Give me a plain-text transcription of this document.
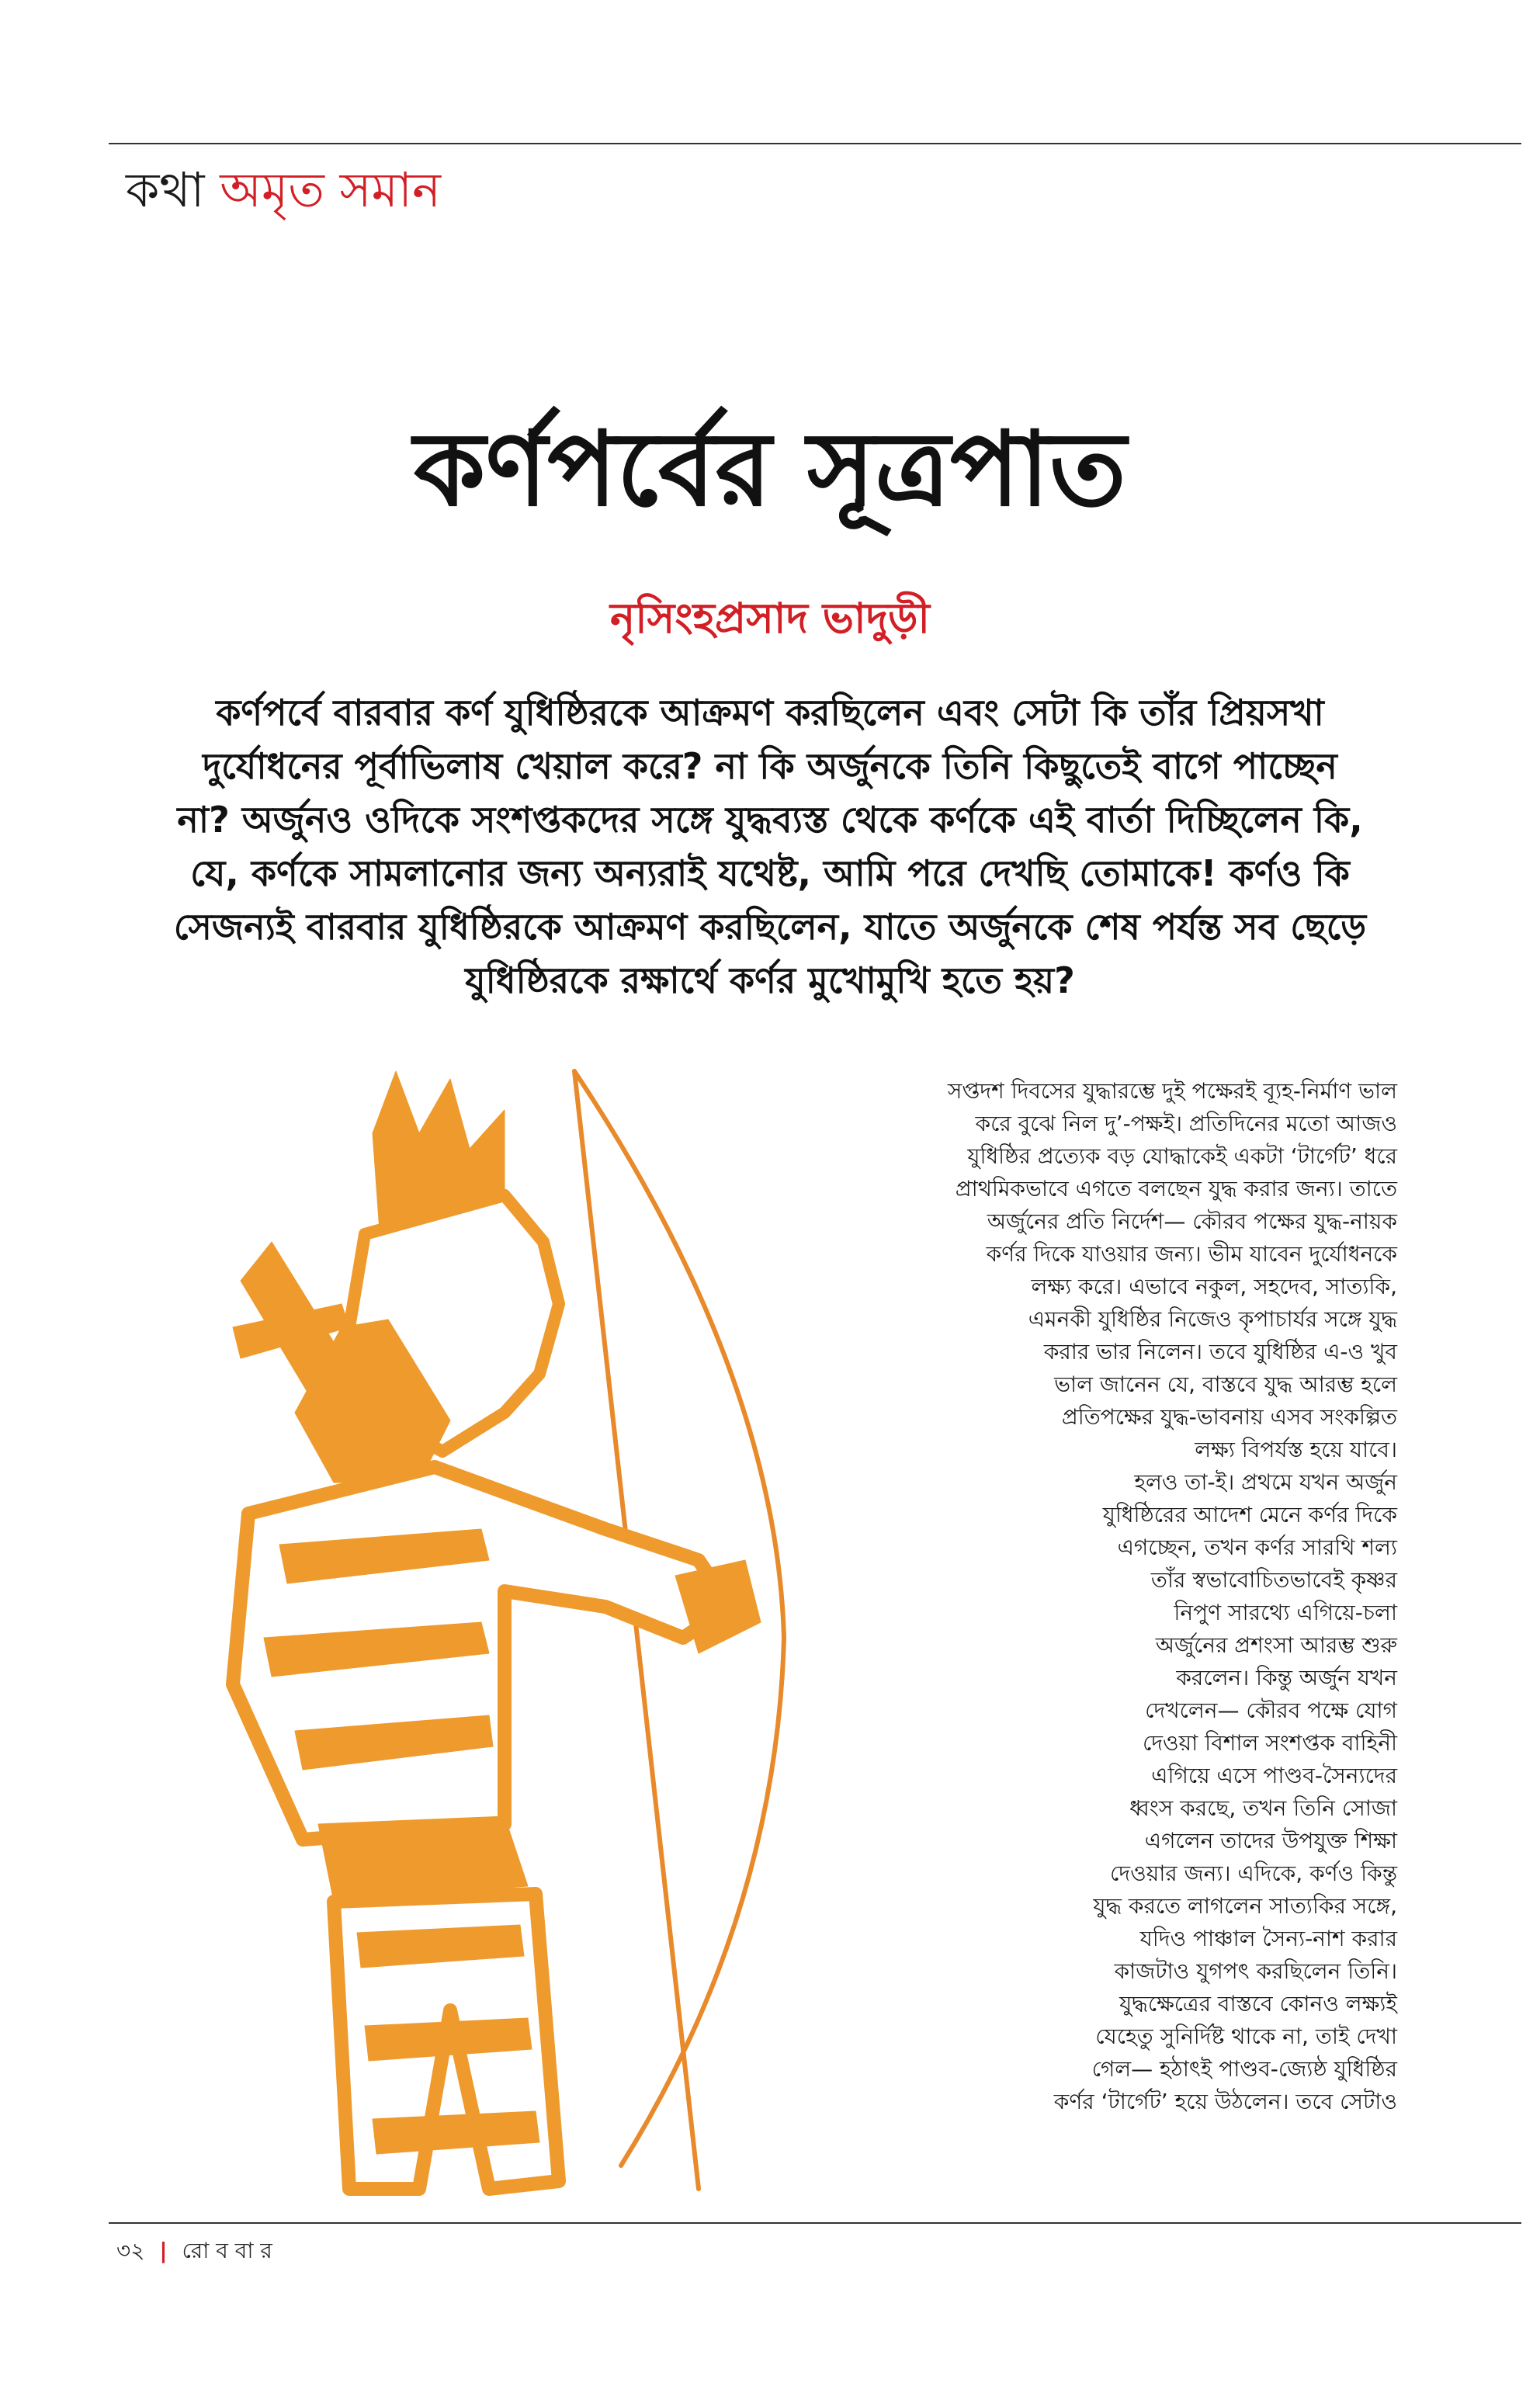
কথা অমৃত সমান
কর্ণপর্বের সূত্রপাত
নৃসিংহপ্রসাদ ভাদুড়ী
কর্ণপর্বে বারবার কর্ণ যুধিষ্ঠিরকে আক্রমণ করছিলেন এবং সেটা কি তাঁর প্রিয়সখা
দুর্যোধনের পূর্বাভিলাষ খেয়াল করে? না কি অর্জুনকে তিনি কিছুতেই বাগে পাচ্ছেন
না? অর্জুনও ওদিকে সংশপ্তকদের সঙ্গে যুদ্ধব্যস্ত থেকে কর্ণকে এই বার্তা দিচ্ছিলেন কি,
যে, কর্ণকে সামলানোর জন্য অন্যরাই যথেষ্ট, আমি পরে দেখছি তোমাকে! কর্ণও কি
সেজন্যই বারবার যুধিষ্ঠিরকে আক্রমণ করছিলেন, যাতে অর্জুনকে শেষ পর্যন্ত সব ছেড়ে
যুধিষ্ঠিরকে রক্ষার্থে কর্ণর মুখোমুখি হতে হয়?
সপ্তদশ দিবসের যুদ্ধারম্ভে দুই পক্ষেরই ব্যূহ-নির্মাণ ভাল
করে বুঝে নিল দু’-পক্ষই। প্রতিদিনের মতো আজও
যুধিষ্ঠির প্রত্যেক বড় যোদ্ধাকেই একটা ‘টার্গেট’ ধরে
প্রাথমিকভাবে এগতে বলছেন যুদ্ধ করার জন্য। তাতে
অর্জুনের প্রতি নির্দেশ— কৌরব পক্ষের যুদ্ধ-নায়ক
কর্ণর দিকে যাওয়ার জন্য। ভীম যাবেন দুর্যোধনকে
লক্ষ্য করে। এভাবে নকুল, সহদেব, সাত্যকি,
এমনকী যুধিষ্ঠির নিজেও কৃপাচার্যর সঙ্গে যুদ্ধ
করার ভার নিলেন। তবে যুধিষ্ঠির এ-ও খুব
ভাল জানেন যে, বাস্তবে যুদ্ধ আরম্ভ হলে
প্রতিপক্ষের যুদ্ধ-ভাবনায় এসব সংকল্পিত
লক্ষ্য বিপর্যস্ত হয়ে যাবে।
হলও তা-ই। প্রথমে যখন অর্জুন
যুধিষ্ঠিরের আদেশ মেনে কর্ণর দিকে
এগচ্ছেন, তখন কর্ণর সারথি শল্য
তাঁর স্বভাবোচিতভাবেই কৃষ্ণর
নিপুণ সারথ্যে এগিয়ে-চলা
অর্জুনের প্রশংসা আরম্ভ শুরু
করলেন। কিন্তু অর্জুন যখন
দেখলেন— কৌরব পক্ষে যোগ
দেওয়া বিশাল সংশপ্তক বাহিনী
এগিয়ে এসে পাণ্ডব-সৈন্যদের
ধ্বংস করছে, তখন তিনি সোজা
এগলেন তাদের উপযুক্ত শিক্ষা
দেওয়ার জন্য। এদিকে, কর্ণও কিন্তু
যুদ্ধ করতে লাগলেন সাত্যকির সঙ্গে,
যদিও পাঞ্চাল সৈন্য-নাশ করার
কাজটাও যুগপৎ করছিলেন তিনি।
যুদ্ধক্ষেত্রের বাস্তবে কোনও লক্ষ্যই
যেহেতু সুনির্দিষ্ট থাকে না, তাই দেখা
গেল— হঠাৎই পাণ্ডব-জ্যেষ্ঠ যুধিষ্ঠির
কর্ণর ‘টার্গেট’ হয়ে উঠলেন। তবে সেটাও
৩২ | রো ব বা র
